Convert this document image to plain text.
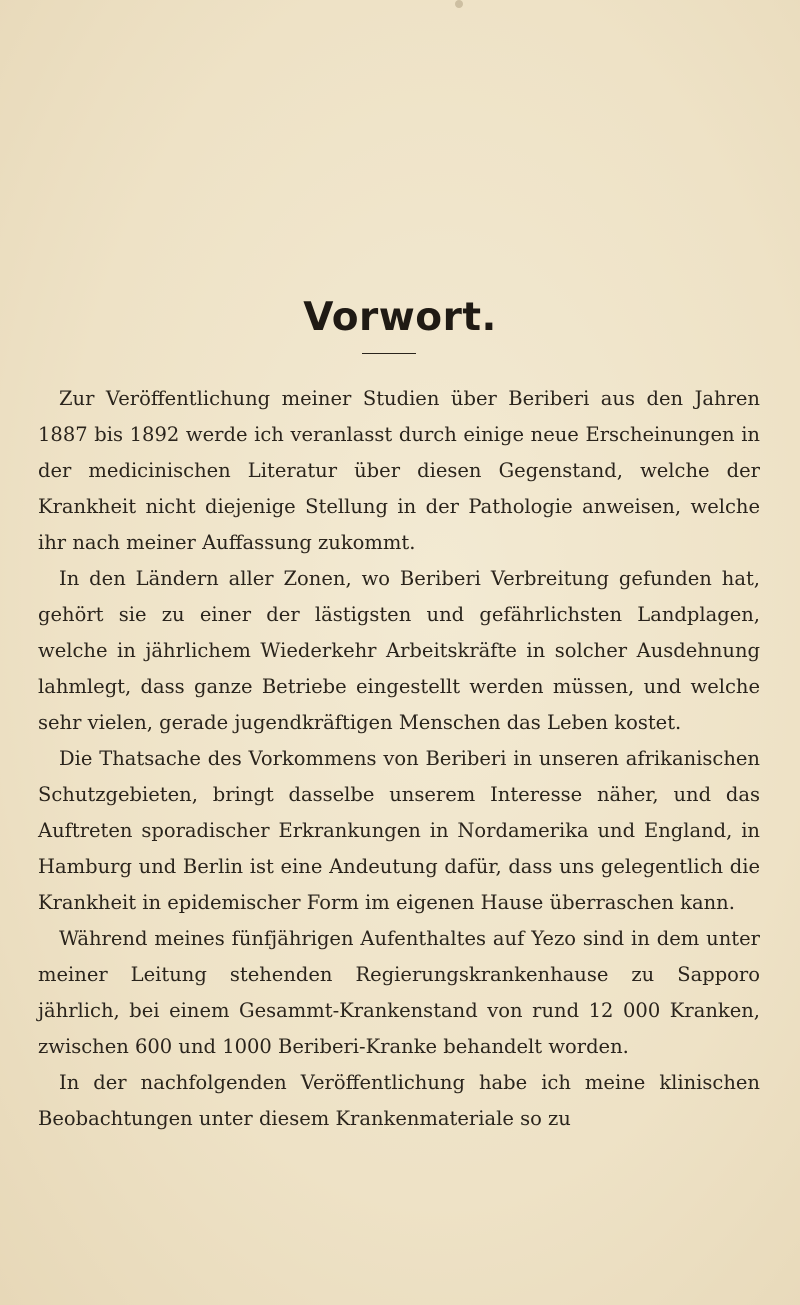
Vorwort.

Zur Veröffentlichung meiner Studien über Beriberi aus den Jahren 1887 bis 1892 werde ich veranlasst durch einige neue Erscheinungen in der medicinischen Literatur über diesen Gegenstand, welche der Krankheit nicht diejenige Stellung in der Pathologie anweisen, welche ihr nach meiner Auffassung zukommt.

In den Ländern aller Zonen, wo Beriberi Verbreitung gefunden hat, gehört sie zu einer der lästigsten und gefährlichsten Landplagen, welche in jährlichem Wiederkehr Arbeitskräfte in solcher Ausdehnung lahmlegt, dass ganze Betriebe eingestellt werden müssen, und welche sehr vielen, gerade jugendkräftigen Menschen das Leben kostet.

Die Thatsache des Vorkommens von Beriberi in unseren afrikanischen Schutzgebieten, bringt dasselbe unserem Interesse näher, und das Auftreten sporadischer Erkrankungen in Nordamerika und England, in Hamburg und Berlin ist eine Andeutung dafür, dass uns gelegentlich die Krankheit in epidemischer Form im eigenen Hause überraschen kann.

Während meines fünfjährigen Aufenthaltes auf Yezo sind in dem unter meiner Leitung stehenden Regierungskrankenhause zu Sapporo jährlich, bei einem Gesammt-Krankenstand von rund 12 000 Kranken, zwischen 600 und 1000 Beriberi-Kranke behandelt worden.

In der nachfolgenden Veröffentlichung habe ich meine klinischen Beobachtungen unter diesem Krankenmateriale so zu
